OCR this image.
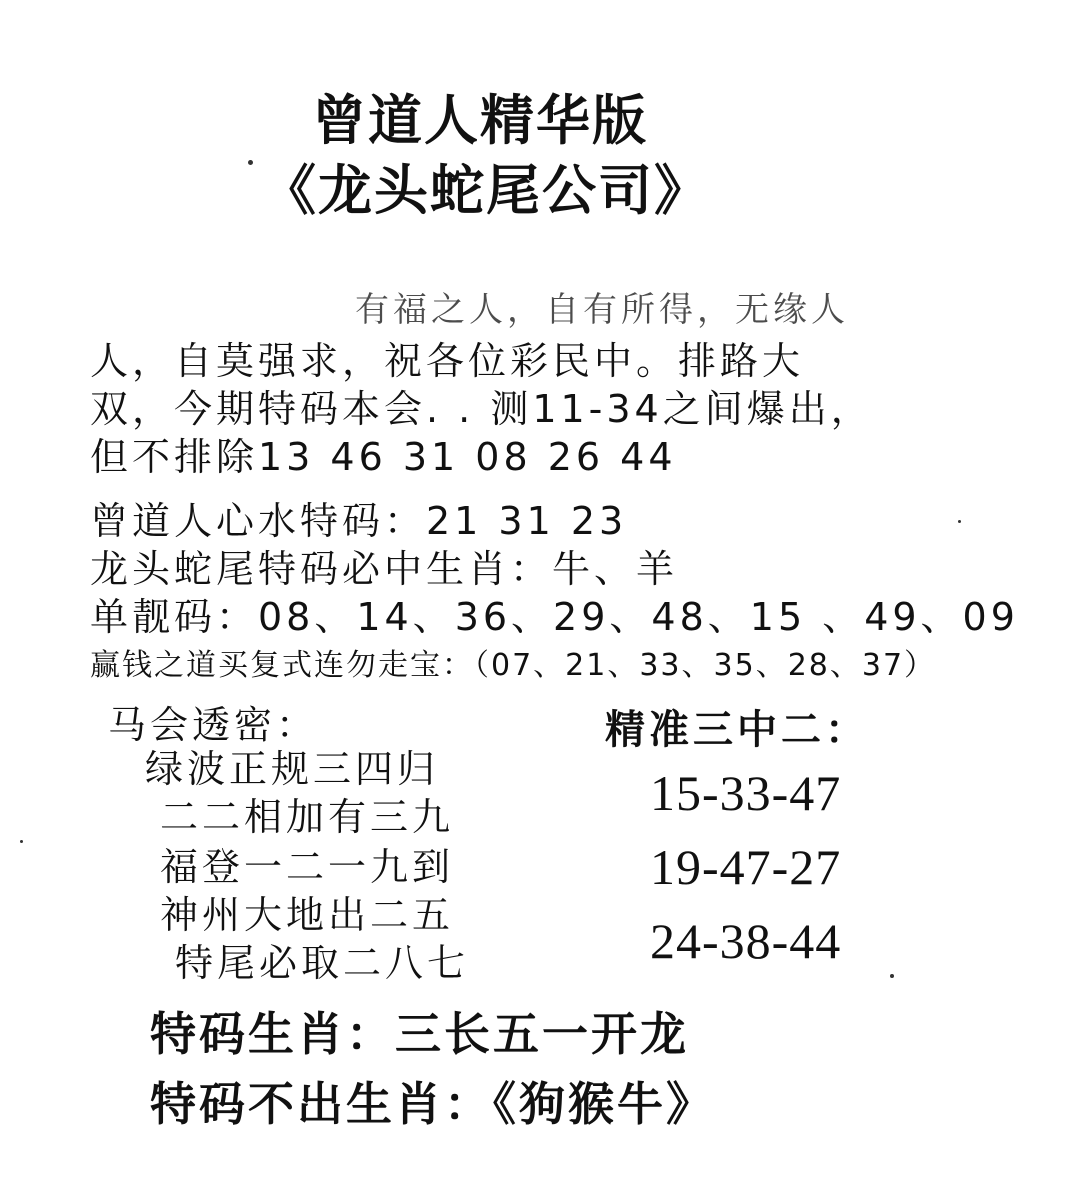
曾道人精华版
《龙头蛇尾公司》
有福之人，自有所得，无缘人
人，自莫强求，祝各位彩民中。排路大
双，今期特码本会. . 测11-34之间爆出，
但不排除13 46 31 08 26 44
曾道人心水特码：21 31 23
龙头蛇尾特码必中生肖：牛、羊
单靓码：08、14、36、29、48、15 、49、09
赢钱之道买复式连勿走宝：（07、21、33、35、28、37）
马会透密：
绿波正规三四归
二二相加有三九
福登一二一九到
神州大地出二五
特尾必取二八七
精准三中二：
15-33-47
19-47-27
24-38-44
特码生肖：三长五一开龙
特码不出生肖：《狗猴牛》
